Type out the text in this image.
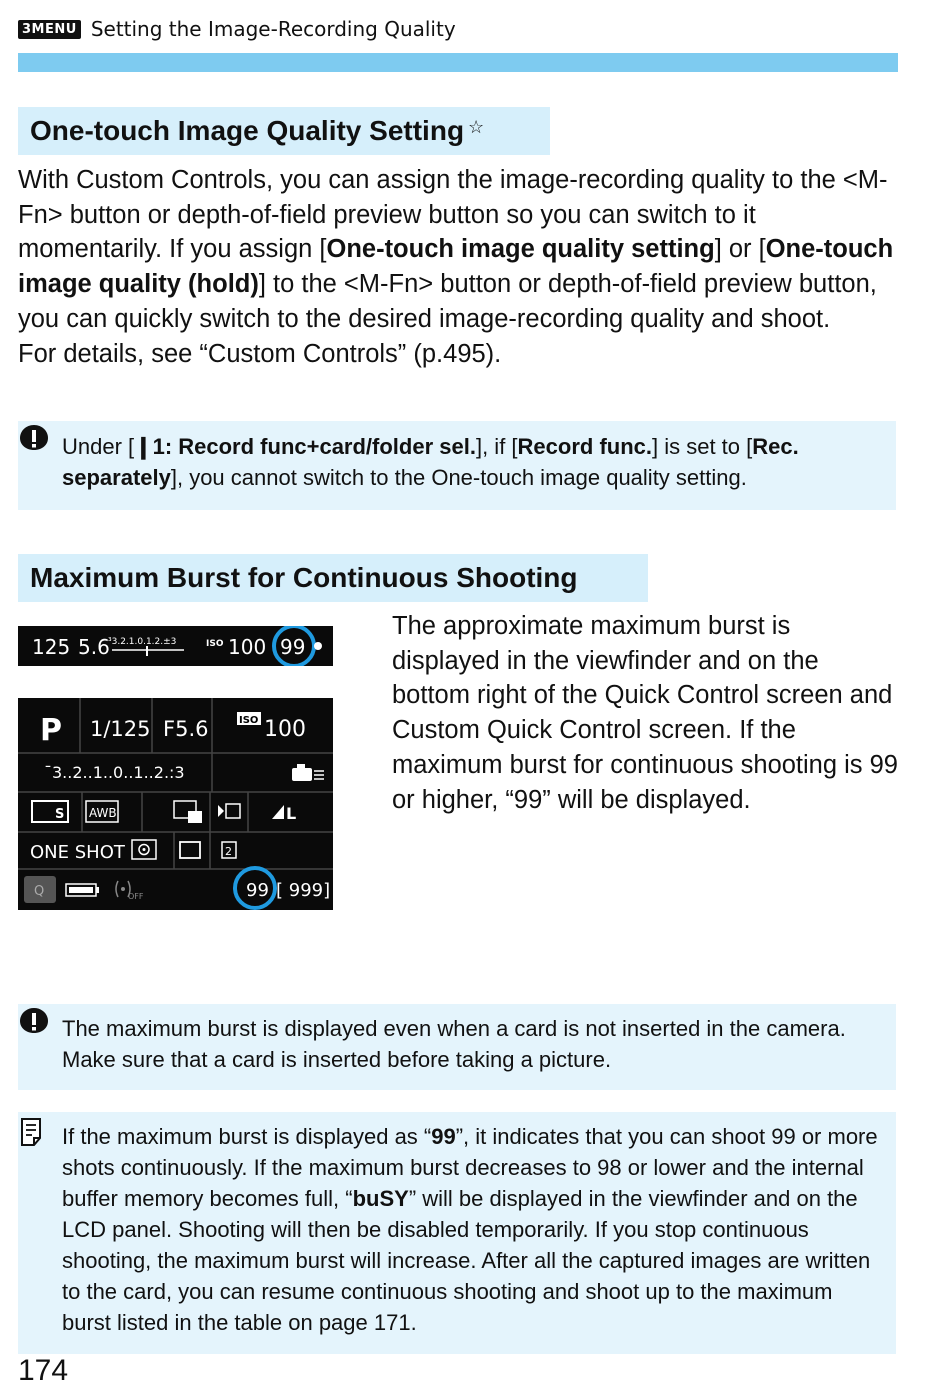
3MENU Setting the Image-Recording Quality
One-touch Image Quality Setting☆
With Custom Controls, you can assign the image-recording quality to the <M-Fn> button or depth-of-field preview button so you can switch to it momentarily. If you assign [One-touch image quality setting] or [One-touch image quality (hold)] to the <M-Fn> button or depth-of-field preview button, you can quickly switch to the desired image-recording quality and shoot.
For details, see “Custom Controls” (p.495).
Under [❙1: Record func+card/folder sel.], if [Record func.] is set to [Rec. separately], you cannot switch to the One-touch image quality setting.
Maximum Burst for Continuous Shooting
125 5.6
³3.2.1.0.1.2.±3	ISO 100 99
P 1/125 F5.6	ISO 100
¯3..2..1..0..1..2.:3
S AWB	L
ONE SHOT	2
Q	OFF	99 [ 999]
The approximate maximum burst is displayed in the viewfinder and on the bottom right of the Quick Control screen and Custom Quick Control screen. If the maximum burst for continuous shooting is 99 or higher, “99” will be displayed.
The maximum burst is displayed even when a card is not inserted in the camera. Make sure that a card is inserted before taking a picture.
If the maximum burst is displayed as “99”, it indicates that you can shoot 99 or more shots continuously. If the maximum burst decreases to 98 or lower and the internal buffer memory becomes full, “buSY” will be displayed in the viewfinder and on the LCD panel. Shooting will then be disabled temporarily. If you stop continuous shooting, the maximum burst will increase. After all the captured images are written to the card, you can resume continuous shooting and shoot up to the maximum burst listed in the table on page 171.
174
